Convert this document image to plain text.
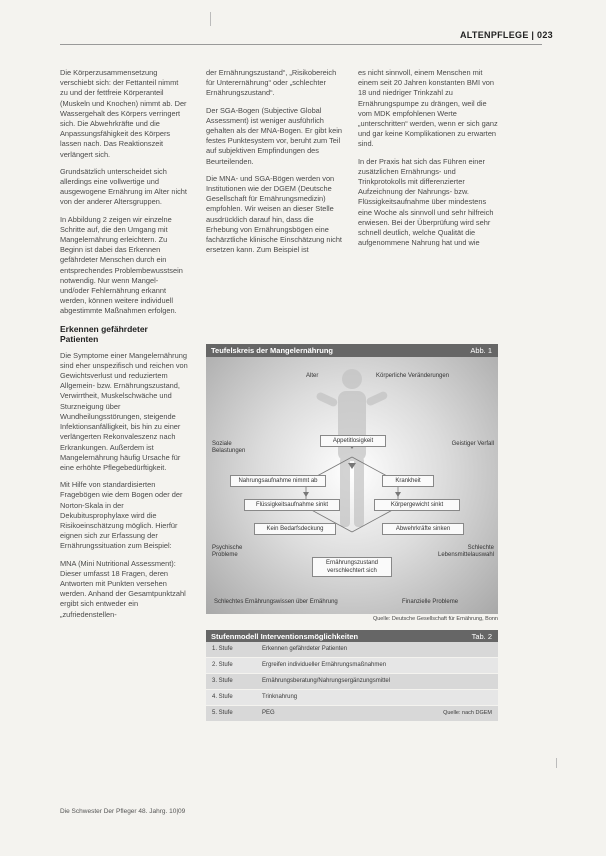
ALTENPFLEGE | 023

Die Körperzusammensetzung verschiebt sich: der Fettanteil nimmt zu und der fettfreie Körperanteil (Muskeln und Knochen) nimmt ab. Der Wassergehalt des Körpers verringert sich. Die Abwehrkräfte und die Anpassungsfähigkeit des Körpers lassen nach. Das Reaktionszeit verlängert sich.

Grundsätzlich unterscheidet sich allerdings eine vollwertige und ausgewogene Ernährung im Alter nicht von der anderer Altersgruppen.

In Abbildung 2 zeigen wir einzelne Schritte auf, die den Umgang mit Mangelernährung erleichtern. Zu Beginn ist dabei das Erkennen gefährdeter Menschen durch ein entsprechendes Problembewusstsein notwendig. Nur wenn Mangel- und/oder Fehlernährung erkannt werden, können weitere individuell abgestimmte Maßnahmen erfolgen.

Erkennen gefährdeter Patienten

Die Symptome einer Mangelernährung sind eher unspezifisch und reichen von Gewichtsverlust und reduziertem Allgemein- bzw. Ernährungszustand, Verwirrtheit, Muskelschwäche und Sturzneigung über Wundheilungsstörungen, steigende Infektionsanfälligkeit, bis hin zu einer verlängerten Rekonvaleszenz nach Erkrankungen. Außerdem ist Mangelernährung häufig Ursache für eine erhöhte Pflegebedürftigkeit.

Mit Hilfe von standardisierten Fragebögen wie dem Bogen oder der Norton-Skala in der Dekubitusprophylaxe wird die Risikoeinschätzung möglich. Hierfür eignen sich zur Erfassung der Ernährungssituation zum Beispiel:

MNA (Mini Nutritional Assessment): Dieser umfasst 18 Fragen, deren Antworten mit Punkten versehen werden. Anhand der Gesamtpunktzahl ergibt sich entweder ein „zufriedenstellen-

der Ernährungszustand“, „Risikobereich für Unterernährung“ oder „schlechter Ernährungszustand“.

Der SGA-Bogen (Subjective Global Assessment) ist weniger ausführlich gehalten als der MNA-Bogen. Er gibt kein festes Punktesystem vor, beruht zum Teil auf subjektiven Empfindungen des Beurteilenden.

Die MNA- und SGA-Bögen werden von Institutionen wie der DGEM (Deutsche Gesellschaft für Ernährungsmedizin) empfohlen. Wir weisen an dieser Stelle ausdrücklich darauf hin, dass die Erhebung von Ernährungsbögen eine fachärztliche klinische Einschätzung nicht ersetzen kann. Zum Beispiel ist

es nicht sinnvoll, einem Menschen mit einem seit 20 Jahren konstanten BMI von 18 und niedriger Trinkzahl zu Ernährungspumpe zu drängen, weil die vom MDK empfohlenen Werte „unterschritten“ werden, wenn er sich ganz und gar keine Komplikationen zu erwarten sind.

In der Praxis hat sich das Führen einer zusätzlichen Ernährungs- und Trinkprotokolls mit differenzierter Aufzeichnung der Nahrungs- bzw. Flüssigkeitsaufnahme über mindestens eine Woche als sinnvoll und sehr hilfreich erwiesen. Bei der Überprüfung wird sehr schnell deutlich, welche Qualität die aufgenommene Nahrung hat und wie

Teufelskreis der Mangelernährung	Abb. 1
Alter	Körperliche Veränderungen
Soziale Belastungen
Geistiger Verfall
Psychische Probleme
Schlechte Lebensmittelauswahl
Schlechtes Ernährungswissen über Ernährung	Finanzielle Probleme
Appetitlosigkeit
Nahrungsaufnahme nimmt ab	Krankheit
Flüssigkeitsaufnahme sinkt	Körpergewicht sinkt
Kein Bedarfsdeckung	Abwehrkräfte sinken
Ernährungszustand verschlechtert sich
Quelle: Deutsche Gesellschaft für Ernährung, Bonn
Stufenmodell Interventionsmöglichkeiten	Tab. 2
1. Stufe	Erkennen gefährdeter Patienten
2. Stufe	Ergreifen individueller Ernährungsmaßnahmen
3. Stufe	Ernährungsberatung/Nahrungsergänzungsmittel
4. Stufe	Trinknahrung
5. Stufe	PEG	Quelle: nach DGEM
Die Schwester Der Pfleger 48. Jahrg. 10|09
